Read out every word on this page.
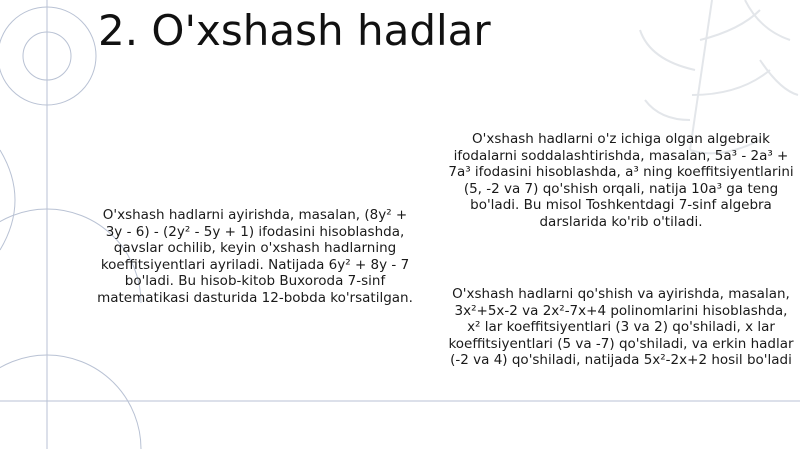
2. O'xshash hadlar

O'xshash hadlarni ayirishda, masalan, (8y² + 3y - 6) - (2y² - 5y + 1) ifodasini hisoblashda, qavslar ochilib, keyin o'xshash hadlarning koeffitsiyentlari ayriladi. Natijada 6y² + 8y - 7 bo'ladi. Bu hisob-kitob Buxoroda 7-sinf matematikasi dasturida 12-bobda ko'rsatilgan.

O'xshash hadlarni o'z ichiga olgan algebraik ifodalarni soddalashtirishda, masalan, 5a³ - 2a³ + 7a³ ifodasini hisoblashda, a³ ning koeffitsiyentlarini (5, -2 va 7) qo'shish orqali, natija 10a³ ga teng bo'ladi. Bu misol Toshkentdagi 7-sinf algebra darslarida ko'rib o'tiladi.

O'xshash hadlarni qo'shish va ayirishda, masalan, 3x²+5x-2 va 2x²-7x+4 polinomlarini hisoblashda, x² lar koeffitsiyentlari (3 va 2) qo'shiladi, x lar koeffitsiyentlari (5 va -7) qo'shiladi, va erkin hadlar (-2 va 4) qo'shiladi, natijada 5x²-2x+2 hosil bo'ladi
